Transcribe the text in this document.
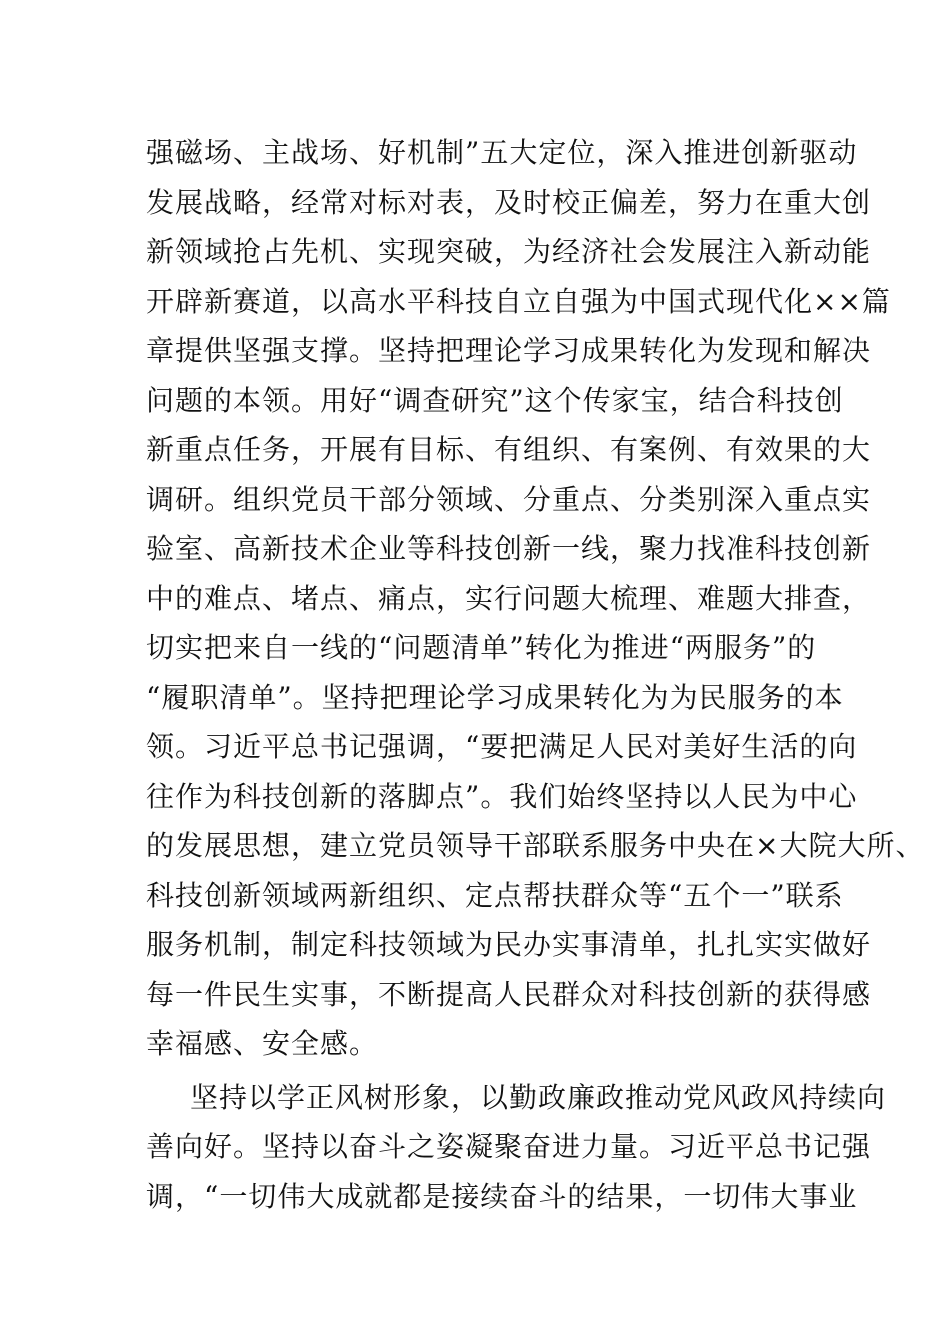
强磁场、主战场、好机制”五大定位，深入推进创新驱动
发展战略，经常对标对表，及时校正偏差，努力在重大创
新领域抢占先机、实现突破，为经济社会发展注入新动能
开辟新赛道，以高水平科技自立自强为中国式现代化××篇
章提供坚强支撑。坚持把理论学习成果转化为发现和解决
问题的本领。用好“调查研究”这个传家宝，结合科技创
新重点任务，开展有目标、有组织、有案例、有效果的大
调研。组织党员干部分领域、分重点、分类别深入重点实
验室、高新技术企业等科技创新一线，聚力找准科技创新
中的难点、堵点、痛点，实行问题大梳理、难题大排查，
切实把来自一线的“问题清单”转化为推进“两服务”的
“履职清单”。坚持把理论学习成果转化为为民服务的本
领。习近平总书记强调，“要把满足人民对美好生活的向
往作为科技创新的落脚点”。我们始终坚持以人民为中心
的发展思想，建立党员领导干部联系服务中央在×大院大所、
科技创新领域两新组织、定点帮扶群众等“五个一”联系
服务机制，制定科技领域为民办实事清单，扎扎实实做好
每一件民生实事，不断提高人民群众对科技创新的获得感
幸福感、安全感。
坚持以学正风树形象，以勤政廉政推动党风政风持续向
善向好。坚持以奋斗之姿凝聚奋进力量。习近平总书记强
调，“一切伟大成就都是接续奋斗的结果，一切伟大事业
